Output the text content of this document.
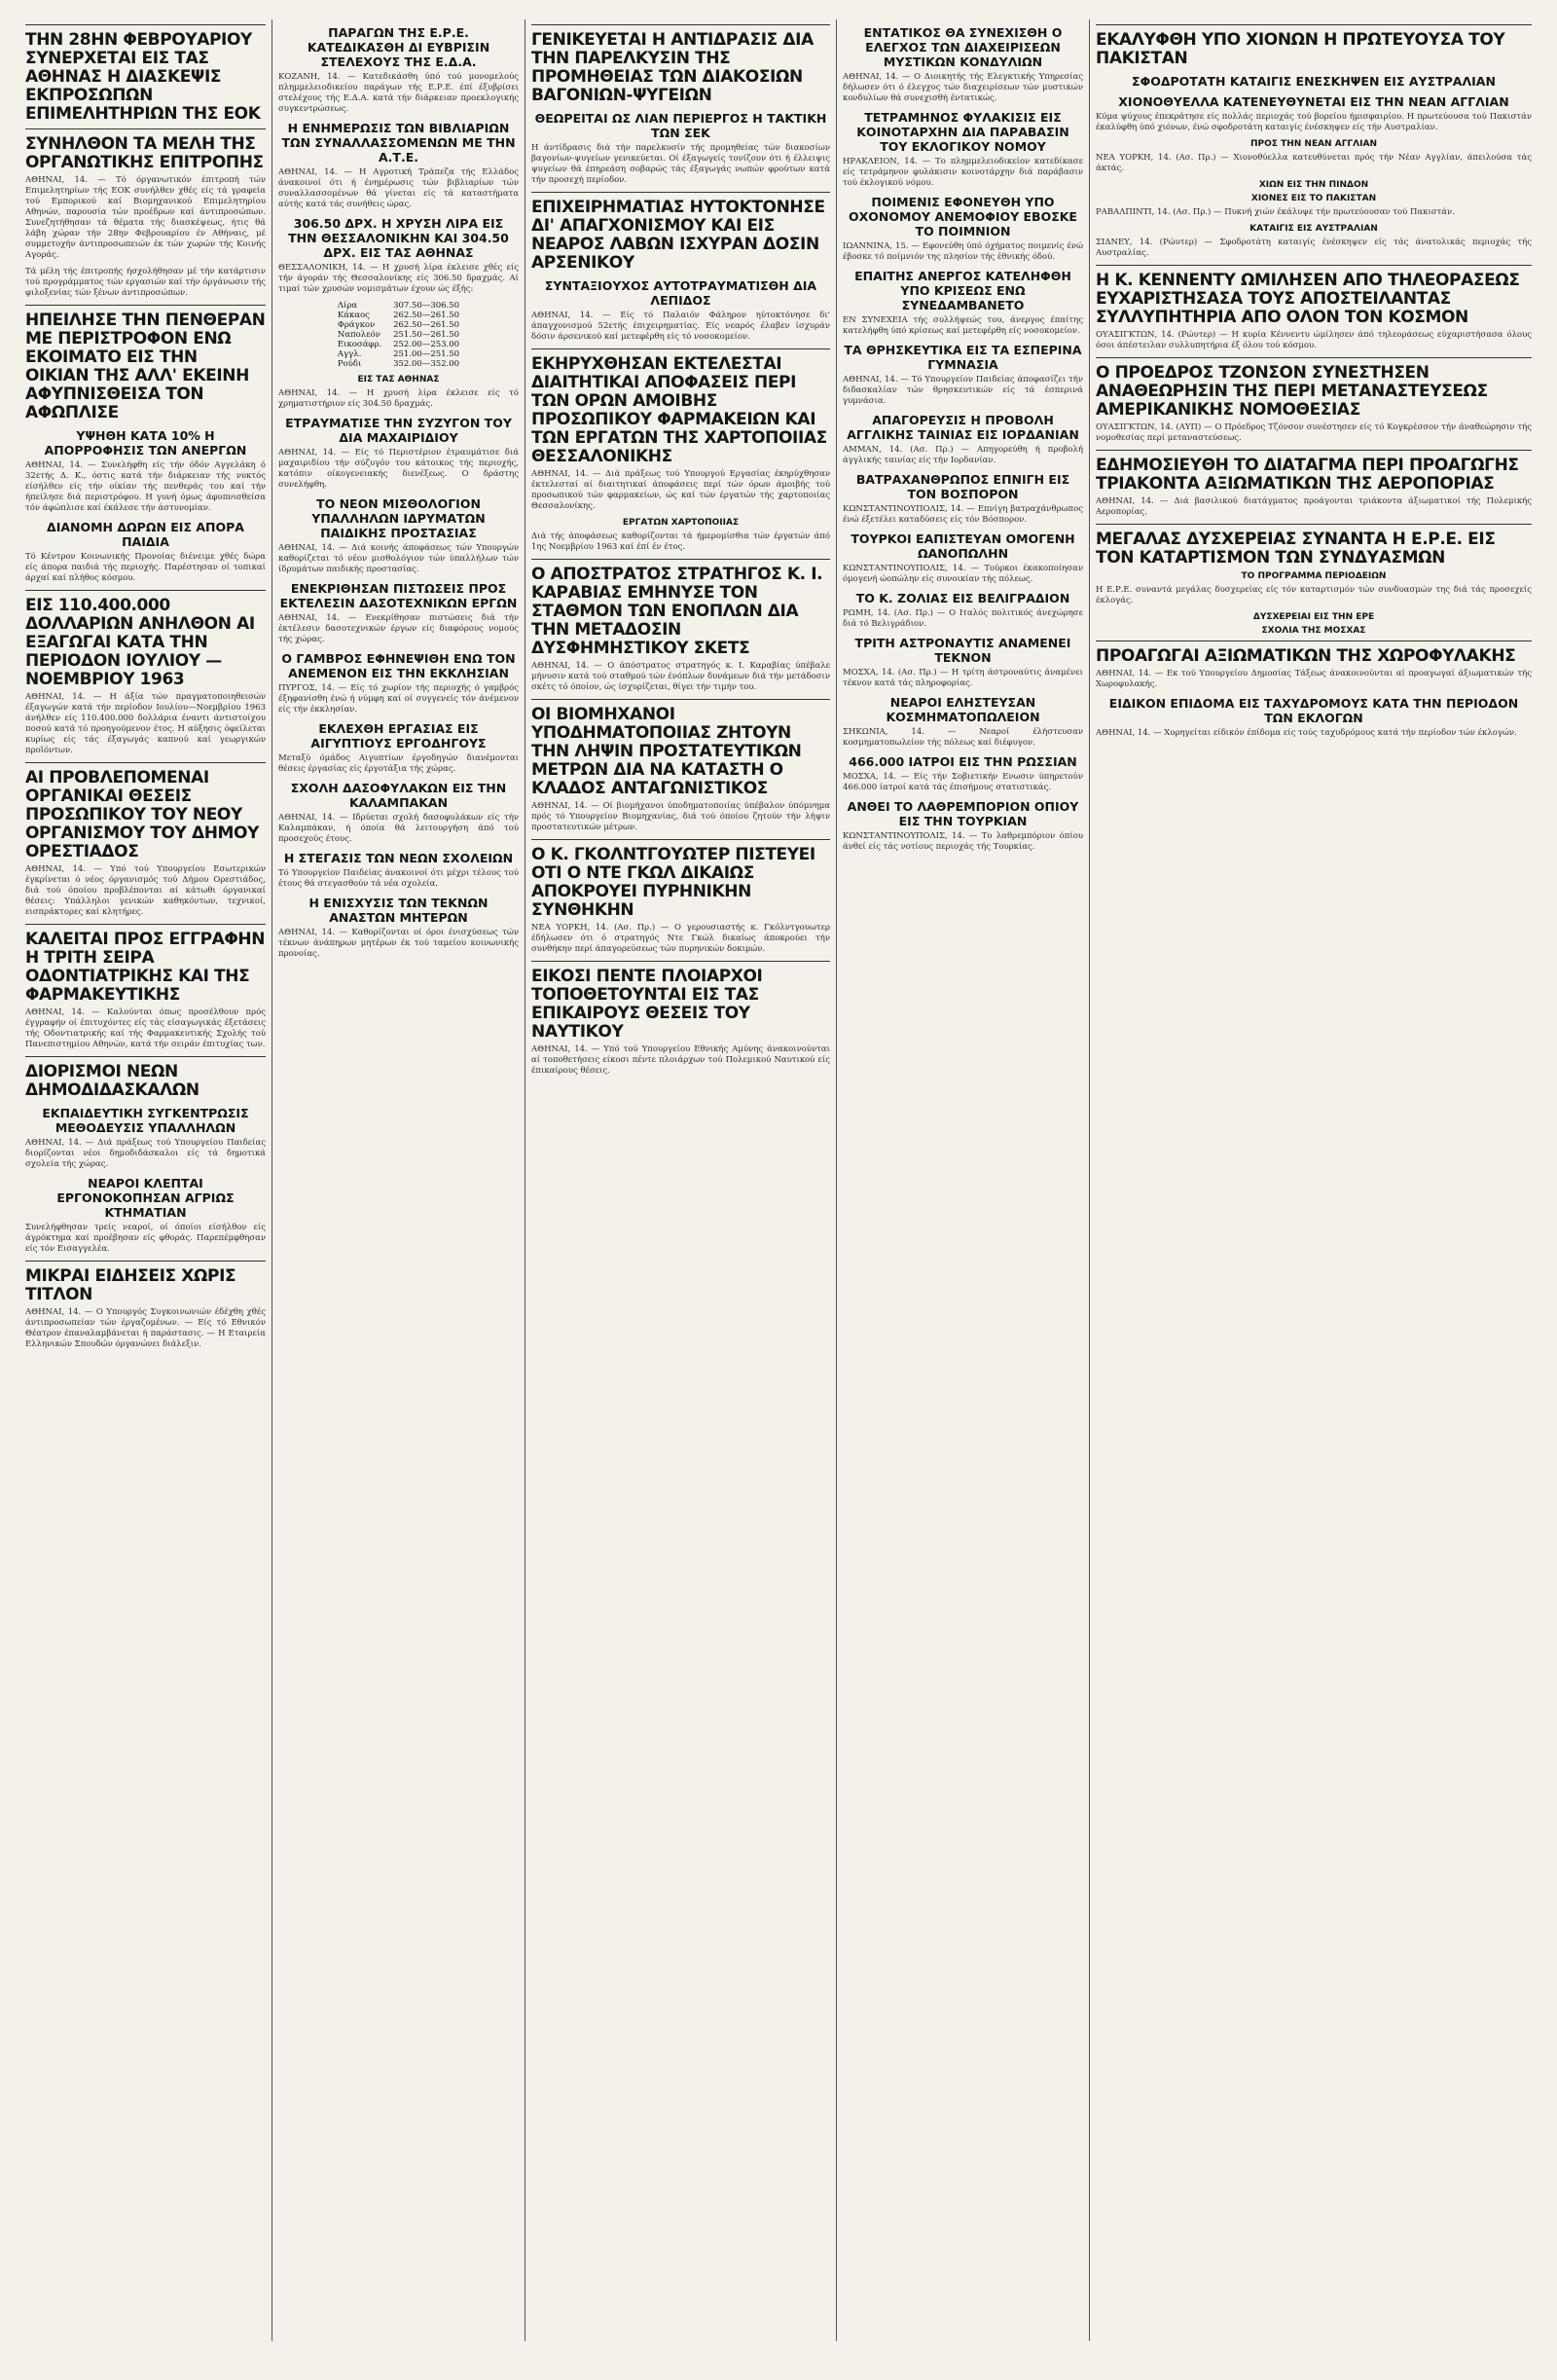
ΤΗΝ 28ΗΝ ΦΕΒΡΟΥΑΡΙΟΥ ΣΥΝΕΡΧΕΤΑΙ ΕΙΣ ΤΑΣ ΑΘΗΝΑΣ Η ΔΙΑΣΚΕΨΙΣ ΕΚΠΡΟΣΩΠΩΝ ΕΠΙΜΕΛΗΤΗΡΙΩΝ ΤΗΣ ΕΟΚ
ΣΥΝΗΛΘΟΝ ΤΑ ΜΕΛΗ ΤΗΣ ΟΡΓΑΝΩΤΙΚΗΣ ΕΠΙΤΡΟΠΗΣ

ΑΘΗΝΑΙ, 14. — Τό όργανωτικόν έπιτροπή τών Επιμελητηρίων τής ΕΟΚ συνήλθεν χθές είς τά γραφεία τού Εμπορικού καί Βιομηχανικού Επιμελητηρίου Αθηνών, παρουσία τών προέδρων καί άντιπροσώπων. Συνεζητήθησαν τά θέματα τής διασκέψεως, ήτις θά λάβη χώραν τήν 28ην Φεβρουαρίου έν Αθήναις, μέ συμμετοχήν άντιπροσωπειών έκ τών χωρών τής Κοινής Αγοράς.

Τά μέλη τής έπιτροπής ήσχολήθησαν μέ τήν κατάρτισιν τού προγράμματος τών εργασιών καί τήν όργάνωσιν τής φιλοξενίας τών ξένων άντιπροσώπων.

ΗΠΕΙΛΗΣΕ ΤΗΝ ΠΕΝΘΕΡΑΝ ΜΕ ΠΕΡΙΣΤΡΟΦΟΝ ΕΝΩ ΕΚΟΙΜΑΤΟ ΕΙΣ ΤΗΝ ΟΙΚΙΑΝ ΤΗΣ ΑΛΛ' ΕΚΕΙΝΗ ΑΦΥΠΝΙΣΘΕΙΣΑ ΤΟΝ ΑΦΩΠΛΙΣΕ
ΥΨΗΘΗ ΚΑΤΑ 10% Η ΑΠΟΡΡΟΦΗΣΙΣ ΤΩΝ ΑΝΕΡΓΩΝ

ΑΘΗΝΑΙ, 14. — Συνελήφθη είς τήν όδόν Αγγελάκη ό 32ετής Δ. Κ., όστις κατά τήν διάρκειαν τής νυκτός είσήλθεν είς τήν οίκίαν τής πενθεράς του καί τήν ήπείλησε διά περιστρόφου. Η γυνή όμως άφυπνισθείσα τόν άφώπλισε καί έκάλεσε τήν άστυνομίαν.

ΔΙΑΝΟΜΗ ΔΩΡΩΝ ΕΙΣ ΑΠΟΡΑ ΠΑΙΔΙΑ

Τό Κέντρον Κοινωνικής Προνοίας διένειμε χθές δώρα είς άπορα παιδιά τής περιοχής. Παρέστησαν οί τοπικαί άρχαί καί πλήθος κόσμου.

ΕΙΣ 110.400.000 ΔΟΛΛΑΡΙΩΝ ΑΝΗΛΘΟΝ ΑΙ ΕΞΑΓΩΓΑΙ ΚΑΤΑ ΤΗΝ ΠΕΡΙΟΔΟΝ ΙΟΥΛΙΟΥ — ΝΟΕΜΒΡΙΟΥ 1963

ΑΘΗΝΑΙ, 14. — Η άξία τών πραγματοποιηθεισών έξαγωγών κατά τήν περίοδον Ιουλίου—Νοεμβρίου 1963 άνήλθεν είς 110.400.000 δολλάρια έναντι άντιστοίχου ποσού κατά τό προηγούμενον έτος. Η αύξησις όφείλεται κυρίως είς τάς έξαγωγάς καπνού καί γεωργικών προϊόντων.

ΑΙ ΠΡΟΒΛΕΠΟΜΕΝΑΙ ΟΡΓΑΝΙΚΑΙ ΘΕΣΕΙΣ ΠΡΟΣΩΠΙΚΟΥ ΤΟΥ ΝΕΟΥ ΟΡΓΑΝΙΣΜΟΥ ΤΟΥ ΔΗΜΟΥ ΟΡΕΣΤΙΑΔΟΣ

ΑΘΗΝΑΙ, 14. — Υπό τού Υπουργείου Εσωτερικών έγκρίνεται ό νέος όργανισμός τού Δήμου Ορεστιάδος, διά τού όποίου προβλέπονται αί κάτωθι όργανικαί θέσεις: Υπάλληλοι γενικών καθηκόντων, τεχνικοί, εισπράκτορες καί κλητήρες.

ΚΑΛΕΙΤΑΙ ΠΡΟΣ ΕΓΓΡΑΦΗΝ Η ΤΡΙΤΗ ΣΕΙΡΑ ΟΔΟΝΤΙΑΤΡΙΚΗΣ ΚΑΙ ΤΗΣ ΦΑΡΜΑΚΕΥΤΙΚΗΣ

ΑΘΗΝΑΙ, 14. — Καλούνται όπως προσέλθουν πρός έγγραφήν οί έπιτυχόντες είς τάς είσαγωγικάς έξετάσεις τής Οδοντιατρικής καί τής Φαρμακευτικής Σχολής τού Πανεπιστημίου Αθηνών, κατά τήν σειράν έπιτυχίας των.

ΔΙΟΡΙΣΜΟΙ ΝΕΩΝ ΔΗΜΟΔΙΔΑΣΚΑΛΩΝ
ΕΚΠΑΙΔΕΥΤΙΚΗ ΣΥΓΚΕΝΤΡΩΣΙΣ ΜΕΘΟΔΕΥΣΙΣ ΥΠΑΛΛΗΛΩΝ

ΑΘΗΝΑΙ, 14. — Διά πράξεως τού Υπουργείου Παιδείας διορίζονται νέοι δημοδιδάσκαλοι είς τά δημοτικά σχολεία τής χώρας.

ΝΕΑΡΟΙ ΚΛΕΠΤΑΙ ΕΡΓΟΝΟΚΟΠΗΣΑΝ ΑΓΡΙΩΣ ΚΤΗΜΑΤΙΑΝ

Συνελήφθησαν τρείς νεαροί, οί όποίοι είσήλθον είς άγρόκτημα καί προέβησαν είς φθοράς. Παρεπέμφθησαν είς τόν Εισαγγελέα.

ΜΙΚΡΑΙ ΕΙΔΗΣΕΙΣ ΧΩΡΙΣ ΤΙΤΛΟΝ

ΑΘΗΝΑΙ, 14. — Ο Υπουργός Συγκοινωνιών έδέχθη χθές άντιπροσωπείαν τών έργαζομένων. — Είς τό Εθνικόν Θέατρον έπαναλαμβάνεται ή παράστασις. — Η Εταιρεία Ελληνικών Σπουδών όργανώνει διάλεξιν.

ΠΑΡΑΓΩΝ ΤΗΣ Ε.Ρ.Ε. ΚΑΤΕΔΙΚΑΣΘΗ ΔΙ ΕΥΒΡΙΣΙΝ ΣΤΕΛΕΧΟΥΣ ΤΗΣ Ε.Δ.Α.

ΚΟΖΑΝΗ, 14. — Κατεδικάσθη ύπό τού μονομελούς πλημμελειοδικείου παράγων τής Ε.Ρ.Ε. έπί έξυβρίσει στελέχους τής Ε.Δ.Α. κατά τήν διάρκειαν προεκλογικής συγκεντρώσεως.

Η ΕΝΗΜΕΡΩΣΙΣ ΤΩΝ ΒΙΒΛΙΑΡΙΩΝ ΤΩΝ ΣΥΝΑΛΛΑΣΣΟΜΕΝΩΝ ΜΕ ΤΗΝ Α.Τ.Ε.

ΑΘΗΝΑΙ, 14. — Η Αγροτική Τράπεζα τής Ελλάδος άνακοινοί ότι ή ένημέρωσις τών βιβλιαρίων τών συναλλασσομένων θά γίνεται είς τά καταστήματα αύτής κατά τάς συνήθεις ώρας.

306.50 ΔΡΧ. Η ΧΡΥΣΗ ΛΙΡΑ ΕΙΣ ΤΗΝ ΘΕΣΣΑΛΟΝΙΚΗΝ ΚΑΙ 304.50 ΔΡΧ. ΕΙΣ ΤΑΣ ΑΘΗΝΑΣ

ΘΕΣΣΑΛΟΝΙΚΗ, 14. — Η χρυσή λίρα έκλεισε χθές είς τήν άγοράν τής Θεσσαλονίκης είς 306.50 δραχμάς. Αί τιμαί τών χρυσών νομισμάτων έχουν ώς έξής:

Λίρα	307.50—306.50
Κάκαος	262.50—261.50
Φράγκον	262.50—261.50
Ναπολεόν	251.50—261.50
Εικοσάφρ.	252.00—253.00
Αγγλ.	251.00—251.50
Ρούδι	352.00—352.00
ΕΙΣ ΤΑΣ ΑΘΗΝΑΣ

ΑΘΗΝΑΙ, 14. — Η χρυσή λίρα έκλεισε είς τό χρηματιστήριον είς 304.50 δραχμάς.

ΕΤΡΑΥΜΑΤΙΣΕ ΤΗΝ ΣΥΖΥΓΟΝ ΤΟΥ ΔΙΑ ΜΑΧΑΙΡΙΔΙΟΥ

ΑΘΗΝΑΙ, 14. — Είς τό Περιστέριον έτραυμάτισε διά μαχαιριδίου τήν σύζυγόν του κάτοικος τής περιοχής, κατόπιν οίκογενειακής διενέξεως. Ο δράστης συνελήφθη.

ΤΟ ΝΕΟΝ ΜΙΣΘΟΛΟΓΙΟΝ ΥΠΑΛΛΗΛΩΝ ΙΔΡΥΜΑΤΩΝ ΠΑΙΔΙΚΗΣ ΠΡΟΣΤΑΣΙΑΣ

ΑΘΗΝΑΙ, 14. — Διά κοινής άποφάσεως τών Υπουργών καθορίζεται τό νέον μισθολόγιον τών ύπαλλήλων τών ίδρυμάτων παιδικής προστασίας.

ΕΝΕΚΡΙΘΗΣΑΝ ΠΙΣΤΩΣΕΙΣ ΠΡΟΣ ΕΚΤΕΛΕΣΙΝ ΔΑΣΟΤΕΧΝΙΚΩΝ ΕΡΓΩΝ

ΑΘΗΝΑΙ, 14. — Ενεκρίθησαν πιστώσεις διά τήν έκτέλεσιν δασοτεχνικών έργων είς διαφόρους νομούς τής χώρας.

Ο ΓΑΜΒΡΟΣ ΕΦΗΝΕΨΙΘΗ ΕΝΩ ΤΟΝ ΑΝΕΜΕΝΟΝ ΕΙΣ ΤΗΝ ΕΚΚΛΗΣΙΑΝ

ΠΥΡΓΟΣ, 14. — Είς τό χωρίον τής περιοχής ό γαμβρός έξηφανίσθη ένώ ή νύμφη καί οί συγγενείς τόν άνέμενον είς τήν έκκλησίαν.

ΕΚΛΕΧΘΗ ΕΡΓΑΣΙΑΣ ΕΙΣ ΑΙΓΥΠΤΙΟΥΣ ΕΡΓΟΔΗΓΟΥΣ

Μεταξύ όμάδος Αιγυπτίων έργοδηγών διανέμονται θέσεις έργασίας είς έργοτάξια τής χώρας.

ΣΧΟΛΗ ΔΑΣΟΦΥΛΑΚΩΝ ΕΙΣ ΤΗΝ ΚΑΛΑΜΠΑΚΑΝ

ΑΘΗΝΑΙ, 14. — Ιδρύεται σχολή δασοφυλάκων είς τήν Καλαμπάκαν, ή όποία θά λειτουργήση άπό τού προσεχούς έτους.

Η ΣΤΕΓΑΣΙΣ ΤΩΝ ΝΕΩΝ ΣΧΟΛΕΙΩΝ

Τό Υπουργείον Παιδείας άνακοινοί ότι μέχρι τέλους τού έτους θά στεγασθούν τά νέα σχολεία.

Η ΕΝΙΣΧΥΣΙΣ ΤΩΝ ΤΕΚΝΩΝ ΑΝΑΣΤΩΝ ΜΗΤΕΡΩΝ

ΑΘΗΝΑΙ, 14. — Καθορίζονται οί όροι ένισχύσεως τών τέκνων άνάπηρων μητέρων έκ τού ταμείου κοινωνικής προνοίας.

ΓΕΝΙΚΕΥΕΤΑΙ Η ΑΝΤΙΔΡΑΣΙΣ ΔΙΑ ΤΗΝ ΠΑΡΕΛΚΥΣΙΝ ΤΗΣ ΠΡΟΜΗΘΕΙΑΣ ΤΩΝ ΔΙΑΚΟΣΙΩΝ ΒΑΓΟΝΙΩΝ-ΨΥΓΕΙΩΝ
ΘΕΩΡΕΙΤΑΙ ΩΣ ΛΙΑΝ ΠΕΡΙΕΡΓΟΣ Η ΤΑΚΤΙΚΗ ΤΩΝ ΣΕΚ

Η άντίδρασις διά τήν παρελκυσίν τής προμηθείας τών διακοσίων βαγονίων-ψυγείων γενικεύεται. Οί έξαγωγείς τονίζουν ότι ή έλλειψις ψυγείων θά έπηρεάση σοβαρώς τάς έξαγωγάς νωπών φρούτων κατά τήν προσεχή περίοδον.

ΕΠΙΧΕΙΡΗΜΑΤΙΑΣ ΗΥΤΟΚΤΟΝΗΣΕ ΔΙ' ΑΠΑΓΧΟΝΙΣΜΟΥ ΚΑΙ ΕΙΣ ΝΕΑΡΟΣ ΛΑΒΩΝ ΙΣΧΥΡΑΝ ΔΟΣΙΝ ΑΡΣΕΝΙΚΟΥ
ΣΥΝΤΑΞΙΟΥΧΟΣ ΑΥΤΟΤΡΑΥΜΑΤΙΣΘΗ ΔΙΑ ΛΕΠΙΔΟΣ

ΑΘΗΝΑΙ, 14. — Είς τό Παλαιόν Φάληρον ηύτοκτόνησε δι' άπαγχονισμού 52ετής έπιχειρηματίας. Είς νεαρός έλαβεν ίσχυράν δόσιν άρσενικού καί μετεφέρθη είς τό νοσοκομείον.

ΕΚΗΡΥΧΘΗΣΑΝ ΕΚΤΕΛΕΣΤΑΙ ΔΙΑΙΤΗΤΙΚΑΙ ΑΠΟΦΑΣΕΙΣ ΠΕΡΙ ΤΩΝ ΟΡΩΝ ΑΜΟΙΒΗΣ ΠΡΟΣΩΠΙΚΟΥ ΦΑΡΜΑΚΕΙΩΝ ΚΑΙ ΤΩΝ ΕΡΓΑΤΩΝ ΤΗΣ ΧΑΡΤΟΠΟΙΙΑΣ ΘΕΣΣΑΛΟΝΙΚΗΣ

ΑΘΗΝΑΙ, 14. — Διά πράξεως τού Υπουργού Εργασίας έκηρύχθησαν έκτελεσταί αί διαιτητικαί άποφάσεις περί τών όρων άμοιβής τού προσωπικού τών φαρμακείων, ώς καί τών έργατών τής χαρτοποιίας Θεσσαλονίκης.

ΕΡΓΑΤΩΝ ΧΑΡΤΟΠΟΙΙΑΣ

Διά τής άποφάσεως καθορίζονται τά ήμερομίσθια τών έργατών άπό 1ης Νοεμβρίου 1963 καί έπί έν έτος.

Ο ΑΠΟΣΤΡΑΤΟΣ ΣΤΡΑΤΗΓΟΣ Κ. Ι. ΚΑΡΑΒΙΑΣ ΕΜΗΝΥΣΕ ΤΟΝ ΣΤΑΘΜΟΝ ΤΩΝ ΕΝΟΠΛΩΝ ΔΙΑ ΤΗΝ ΜΕΤΑΔΟΣΙΝ ΔΥΣΦΗΜΗΣΤΙΚΟΥ ΣΚΕΤΣ

ΑΘΗΝΑΙ, 14. — Ο άπόστρατος στρατηγός κ. Ι. Καραβίας ύπέβαλε μήνυσιν κατά τού σταθμού τών ένόπλων δυνάμεων διά τήν μετάδοσιν σκέτς τό όποίον, ώς ίσχυρίζεται, θίγει τήν τιμήν του.

ΟΙ ΒΙΟΜΗΧΑΝΟΙ ΥΠΟΔΗΜΑΤΟΠΟΙΙΑΣ ΖΗΤΟΥΝ ΤΗΝ ΛΗΨΙΝ ΠΡΟΣΤΑΤΕΥΤΙΚΩΝ ΜΕΤΡΩΝ ΔΙΑ ΝΑ ΚΑΤΑΣΤΗ Ο ΚΛΑΔΟΣ ΑΝΤΑΓΩΝΙΣΤΙΚΟΣ

ΑΘΗΝΑΙ, 14. — Οί βιομήχανοι ύποδηματοποιίας ύπέβαλον ύπόμνημα πρός τό Υπουργείον Βιομηχανίας, διά τού όποίου ζητούν τήν λήψιν προστατευτικών μέτρων.

Ο Κ. ΓΚΟΛΝΤΓΟΥΩΤΕΡ ΠΙΣΤΕΥΕΙ ΟΤΙ Ο ΝΤΕ ΓΚΩΛ ΔΙΚΑΙΩΣ ΑΠΟΚΡΟΥΕΙ ΠΥΡΗΝΙΚΗΝ ΣΥΝΘΗΚΗΝ

ΝΕΑ ΥΟΡΚΗ, 14. (Ασ. Πρ.) — Ο γερουσιαστής κ. Γκόλντγουωτερ έδήλωσεν ότι ό στρατηγός Ντε Γκώλ δικαίως άποκρούει τήν συνθήκην περί άπαγορεύσεως τών πυρηνικών δοκιμών.

ΕΙΚΟΣΙ ΠΕΝΤΕ ΠΛΟΙΑΡΧΟΙ ΤΟΠΟΘΕΤΟΥΝΤΑΙ ΕΙΣ ΤΑΣ ΕΠΙΚΑΙΡΟΥΣ ΘΕΣΕΙΣ ΤΟΥ ΝΑΥΤΙΚΟΥ

ΑΘΗΝΑΙ, 14. — Υπό τού Υπουργείου Εθνικής Αμύνης άνακοινούνται αί τοποθετήσεις είκοσι πέντε πλοιάρχων τού Πολεμικού Ναυτικού είς έπικαίρους θέσεις.

ΕΝΤΑΤΙΚΟΣ ΘΑ ΣΥΝΕΧΙΣΘΗ Ο ΕΛΕΓΧΟΣ ΤΩΝ ΔΙΑΧΕΙΡΙΣΕΩΝ ΜΥΣΤΙΚΩΝ ΚΟΝΔΥΛΙΩΝ

ΑΘΗΝΑΙ, 14. — Ο Διοικητής τής Ελεγκτικής Υπηρεσίας δήλωσεν ότι ό έλεγχος τών διαχειρίσεων τών μυστικών κονδυλίων θά συνεχισθή έντατικώς.

ΤΕΤΡΑΜΗΝΟΣ ΦΥΛΑΚΙΣΙΣ ΕΙΣ ΚΟΙΝΟΤΑΡΧΗΝ ΔΙΑ ΠΑΡΑΒΑΣΙΝ ΤΟΥ ΕΚΛΟΓΙΚΟΥ ΝΟΜΟΥ

ΗΡΑΚΛΕΙΟΝ, 14. — Το πλημμελειοδικείον κατεδίκασε είς τετράμηνον φυλάκισιν κοινοτάρχην διά παράβασιν τού έκλογικού νόμου.

ΠΟΙΜΕΝΙΣ ΕΦΟΝΕΥΘΗ ΥΠΟ ΟΧΟΝΟΜΟΥ ΑΝΕΜΟΦΙΟΥ ΕΒΟΣΚΕ ΤΟ ΠΟΙΜΝΙΟΝ

ΙΩΑΝΝΙΝΑ, 15. — Εφονεύθη ύπό όχήματος ποιμενίς ένώ έβοσκε τό ποίμνιόν της πλησίον τής έθνικής όδού.

ΕΠΑΙΤΗΣ ΑΝΕΡΓΟΣ ΚΑΤΕΛΗΦΘΗ ΥΠΟ ΚΡΙΣΕΩΣ ΕΝΩ ΣΥΝΕΔΑΜΒΑΝΕΤΟ

ΕΝ ΣΥΝΕΧΕΙΑ τής συλλήψεώς του, άνεργος έπαίτης κατελήφθη ύπό κρίσεως καί μετεφέρθη είς νοσοκομείον.

ΤΑ ΘΡΗΣΚΕΥΤΙΚΑ ΕΙΣ ΤΑ ΕΣΠΕΡΙΝΑ ΓΥΜΝΑΣΙΑ

ΑΘΗΝΑΙ, 14. — Τό Υπουργείον Παιδείας άποφασίζει τήν διδασκαλίαν τών θρησκευτικών είς τά έσπερινά γυμνάσια.

ΑΠΑΓΟΡΕΥΣΙΣ Η ΠΡΟΒΟΛΗ ΑΓΓΛΙΚΗΣ ΤΑΙΝΙΑΣ ΕΙΣ ΙΟΡΔΑΝΙΑΝ

ΑΜΜΑΝ, 14. (Ασ. Πρ.) — Απηγορεύθη ή προβολή άγγλικής ταινίας είς τήν Ιορδανίαν.

ΒΑΤΡΑΧΑΝΘΡΩΠΟΣ ΕΠΝΙΓΗ ΕΙΣ ΤΟΝ ΒΟΣΠΟΡΟΝ

ΚΩΝΣΤΑΝΤΙΝΟΥΠΟΛΙΣ, 14. — Επνίγη βατραχάνθρωπος ένώ έξετέλει καταδύσεις είς τόν Βόσπορον.

ΤΟΥΡΚΟΙ ΕΑΠΙΣΤΕΥΑΝ ΟΜΟΓΕΝΗ ΩΑΝΟΠΩΛΗΝ

ΚΩΝΣΤΑΝΤΙΝΟΥΠΟΛΙΣ, 14. — Τούρκοι έκακοποίησαν όμογενή ώοπώλην είς συνοικίαν τής πόλεως.

ΤΟ Κ. ΖΟΛΙΑΣ ΕΙΣ ΒΕΛΙΓΡΑΔΙΟΝ

ΡΩΜΗ, 14. (Ασ. Πρ.) — Ο Ιταλός πολιτικός άνεχώρησε διά τό Βελιγράδιον.

ΤΡΙΤΗ ΑΣΤΡΟΝΑΥΤΙΣ ΑΝΑΜΕΝΕΙ ΤΕΚΝΟΝ

ΜΟΣΧΑ, 14. (Ασ. Πρ.) — Η τρίτη άστροναύτις άναμένει τέκνον κατά τάς πληροφορίας.

ΝΕΑΡΟΙ ΕΛΗΣΤΕΥΣΑΝ ΚΟΣΜΗΜΑΤΟΠΩΛΕΙΟΝ

ΣΗΚΩΝΙΑ, 14. — Νεαροί έλήστευσαν κοσμηματοπωλείον τής πόλεως καί διέφυγον.

466.000 ΙΑΤΡΟΙ ΕΙΣ ΤΗΝ ΡΩΣΣΙΑΝ

ΜΟΣΧΑ, 14. — Είς τήν Σοβιετικήν Ενωσιν ύπηρετούν 466.000 ίατροί κατά τάς έπισήμους στατιστικάς.

ΑΝΘΕΙ ΤΟ ΛΑΘΡΕΜΠΟΡΙΟΝ ΟΠΙΟΥ ΕΙΣ ΤΗΝ ΤΟΥΡΚΙΑΝ

ΚΩΝΣΤΑΝΤΙΝΟΥΠΟΛΙΣ, 14. — Το λαθρεμπόριον όπίου άνθεί είς τάς νοτίους περιοχάς τής Τουρκίας.

ΕΚΑΛΥΦΘΗ ΥΠΟ ΧΙΟΝΩΝ Η ΠΡΩΤΕΥΟΥΣΑ ΤΟΥ ΠΑΚΙΣΤΑΝ
ΣΦΟΔΡΟΤΑΤΗ ΚΑΤΑΙΓΙΣ ΕΝΕΣΚΗΨΕΝ ΕΙΣ ΑΥΣΤΡΑΛΙΑΝ
ΧΙΟΝΟΘΥΕΛΛΑ ΚΑΤΕΝΕΥΘΥΝΕΤΑΙ ΕΙΣ ΤΗΝ ΝΕΑΝ ΑΓΓΛΙΑΝ

Κύμα ψύχους έπεκράτησε είς πολλάς περιοχάς τού βορείου ήμισφαιρίου. Η πρωτεύουσα τού Πακιστάν έκαλύφθη ύπό χιόνων, ένώ σφοδροτάτη καταιγίς ένέσκηψεν είς τήν Αυστραλίαν.

ΠΡΟΣ ΤΗΝ ΝΕΑΝ ΑΓΓΛΙΑΝ

ΝΕΑ ΥΟΡΚΗ, 14. (Ασ. Πρ.) — Χιονοθύελλα κατευθύνεται πρός τήν Νέαν Αγγλίαν, άπειλούσα τάς άκτάς.

ΧΙΩΝ ΕΙΣ ΤΗΝ ΠΙΝΔΟΝ
ΧΙΟΝΕΣ ΕΙΣ ΤΟ ΠΑΚΙΣΤΑΝ

ΡΑΒΑΛΠΙΝΤΙ, 14. (Ασ. Πρ.) — Πυκνή χιών έκάλυψε τήν πρωτεύουσαν τού Πακιστάν.

ΚΑΤΑΙΓΙΣ ΕΙΣ ΑΥΣΤΡΑΛΙΑΝ

ΣΙΔΝΕΥ, 14. (Ρώυτερ) — Σφοδροτάτη καταιγίς ένέσκηψεν είς τάς άνατολικάς περιοχάς τής Αυστραλίας.

Η Κ. ΚΕΝΝΕΝΤΥ ΩΜΙΛΗΣΕΝ ΑΠΟ ΤΗΛΕΟΡΑΣΕΩΣ ΕΥΧΑΡΙΣΤΗΣΑΣΑ ΤΟΥΣ ΑΠΟΣΤΕΙΛΑΝΤΑΣ ΣΥΛΛΥΠΗΤΗΡΙΑ ΑΠΟ ΟΛΟΝ ΤΟΝ ΚΟΣΜΟΝ

ΟΥΑΣΙΓΚΤΩΝ, 14. (Ρώυτερ) — Η κυρία Κέννεντυ ώμίλησεν άπό τηλεοράσεως εύχαριστήσασα όλους όσοι άπέστειλαν συλλυπητήρια έξ όλου τού κόσμου.

Ο ΠΡΟΕΔΡΟΣ ΤΖΟΝΣΟΝ ΣΥΝΕΣΤΗΣΕΝ ΑΝΑΘΕΩΡΗΣΙΝ ΤΗΣ ΠΕΡΙ ΜΕΤΑΝΑΣΤΕΥΣΕΩΣ ΑΜΕΡΙΚΑΝΙΚΗΣ ΝΟΜΟΘΕΣΙΑΣ

ΟΥΑΣΙΓΚΤΩΝ, 14. (ΑΥΠ) — Ο Πρόεδρος Τζόνσον συνέστησεν είς τό Κογκρέσσον τήν άναθεώρησιν τής νομοθεσίας περί μεταναστεύσεως.

ΕΔΗΜΟΣΙΕΥΘΗ ΤΟ ΔΙΑΤΑΓΜΑ ΠΕΡΙ ΠΡΟΑΓΩΓΗΣ ΤΡΙΑΚΟΝΤΑ ΑΞΙΩΜΑΤΙΚΩΝ ΤΗΣ ΑΕΡΟΠΟΡΙΑΣ

ΑΘΗΝΑΙ, 14. — Διά βασιλικού διατάγματος προάγονται τριάκοντα άξιωματικοί τής Πολεμικής Αεροπορίας.

ΜΕΓΑΛΑΣ ΔΥΣΧΕΡΕΙΑΣ ΣΥΝΑΝΤΑ Η Ε.Ρ.Ε. ΕΙΣ ΤΟΝ ΚΑΤΑΡΤΙΣΜΟΝ ΤΩΝ ΣΥΝΔΥΑΣΜΩΝ
ΤΟ ΠΡΟΓΡΑΜΜΑ ΠΕΡΙΟΔΕΙΩΝ

Η Ε.Ρ.Ε. συναντά μεγάλας δυσχερείας είς τόν καταρτισμόν τών συνδυασμών της διά τάς προσεχείς έκλογάς.

ΔΥΣΧΕΡΕΙΑΙ ΕΙΣ ΤΗΝ ΕΡΕ
ΣΧΟΛΙΑ ΤΗΣ ΜΟΣΧΑΣ
ΠΡΟΑΓΩΓΑΙ ΑΞΙΩΜΑΤΙΚΩΝ ΤΗΣ ΧΩΡΟΦΥΛΑΚΗΣ

ΑΘΗΝΑΙ, 14. — Εκ τού Υπουργείου Δημοσίας Τάξεως άνακοινούνται αί προαγωγαί άξιωματικών τής Χωροφυλακής.

ΕΙΔΙΚΟΝ ΕΠΙΔΟΜΑ ΕΙΣ ΤΑΧΥΔΡΟΜΟΥΣ ΚΑΤΑ ΤΗΝ ΠΕΡΙΟΔΟΝ ΤΩΝ ΕΚΛΟΓΩΝ

ΑΘΗΝΑΙ, 14. — Χορηγείται είδικόν έπίδομα είς τούς ταχυδρόμους κατά τήν περίοδον τών έκλογών.
